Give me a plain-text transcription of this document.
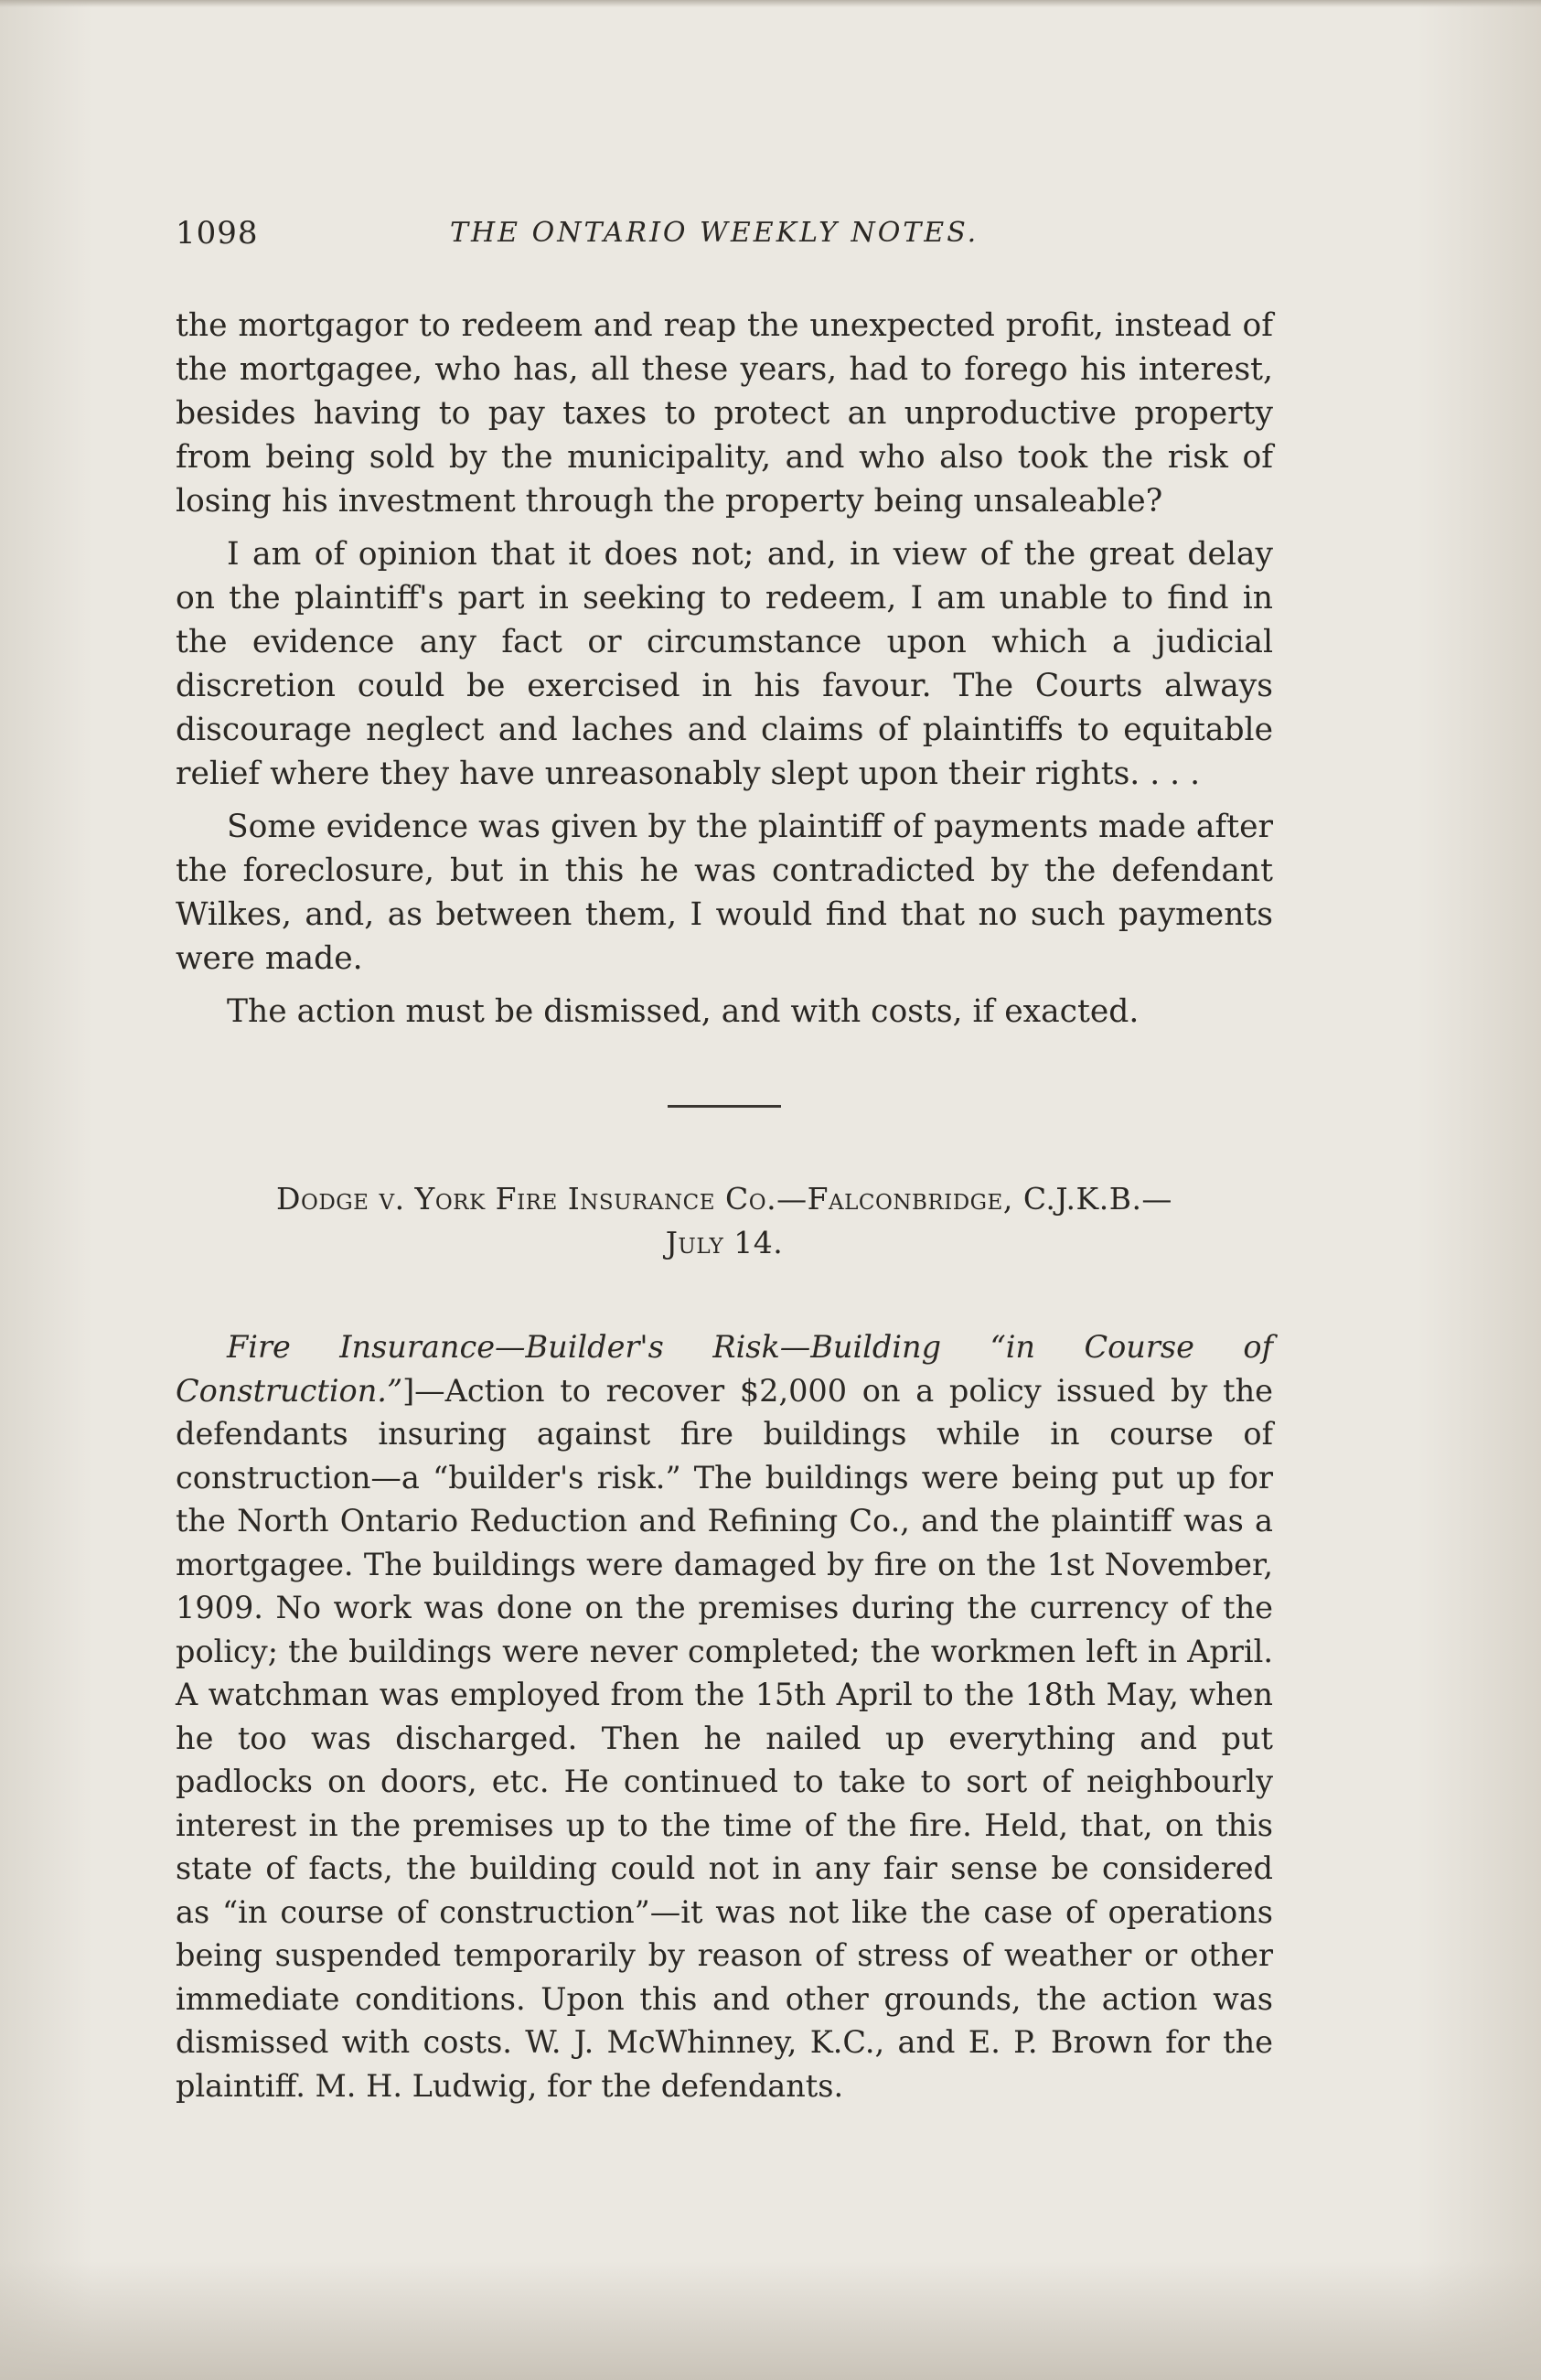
1098	THE ONTARIO WEEKLY NOTES.

the mortgagor to redeem and reap the unexpected profit, instead of the mortgagee, who has, all these years, had to forego his interest, besides having to pay taxes to protect an unproductive property from being sold by the municipality, and who also took the risk of losing his investment through the property being unsaleable?

I am of opinion that it does not; and, in view of the great delay on the plaintiff's part in seeking to redeem, I am unable to find in the evidence any fact or circumstance upon which a judicial discretion could be exercised in his favour. The Courts always discourage neglect and laches and claims of plaintiffs to equitable relief where they have unreasonably slept upon their rights. . . .

Some evidence was given by the plaintiff of payments made after the foreclosure, but in this he was contradicted by the defendant Wilkes, and, as between them, I would find that no such payments were made.

The action must be dismissed, and with costs, if exacted.

Dodge v. York Fire Insurance Co.—Falconbridge, C.J.K.B.—
July 14.

Fire Insurance—Builder's Risk—Building “in Course of Construction.”]—Action to recover $2,000 on a policy issued by the defendants insuring against fire buildings while in course of construction—a “builder's risk.” The buildings were being put up for the North Ontario Reduction and Refining Co., and the plaintiff was a mortgagee. The buildings were damaged by fire on the 1st November, 1909. No work was done on the premises during the currency of the policy; the buildings were never completed; the workmen left in April. A watchman was employed from the 15th April to the 18th May, when he too was discharged. Then he nailed up everything and put padlocks on doors, etc. He continued to take to sort of neighbourly interest in the premises up to the time of the fire. Held, that, on this state of facts, the building could not in any fair sense be considered as “in course of construction”—it was not like the case of operations being suspended temporarily by reason of stress of weather or other immediate conditions. Upon this and other grounds, the action was dismissed with costs. W. J. McWhinney, K.C., and E. P. Brown for the plaintiff. M. H. Ludwig, for the defendants.
